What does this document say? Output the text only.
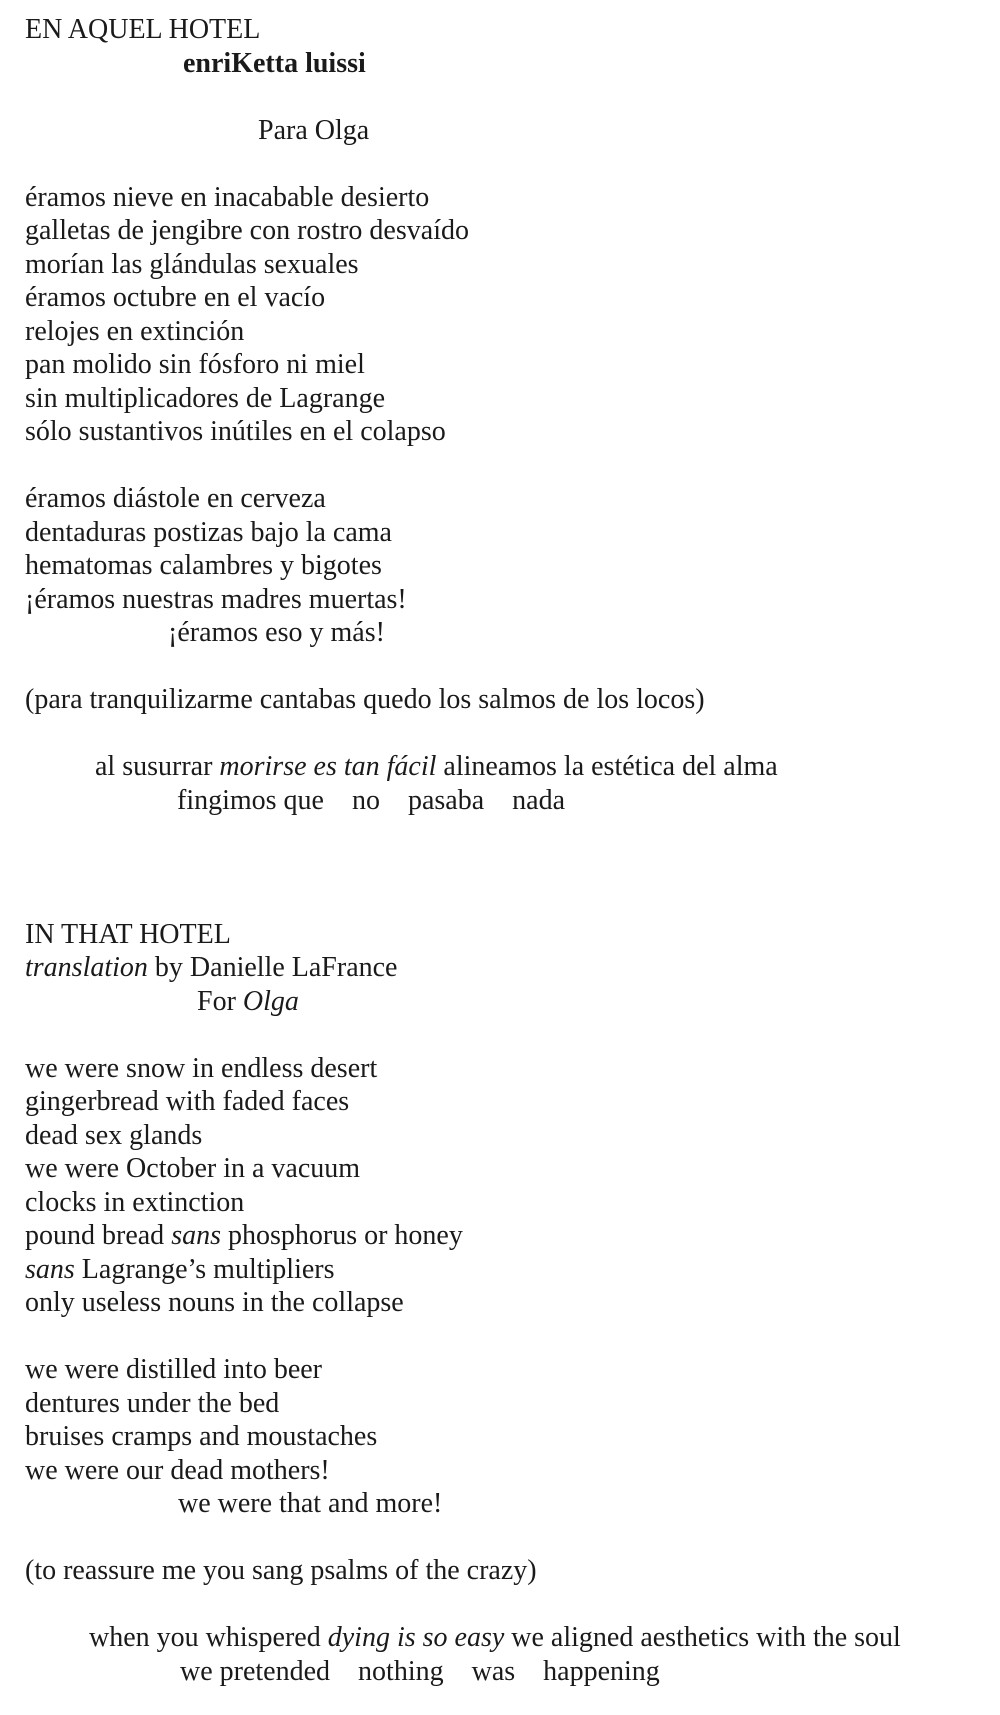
EN AQUEL HOTEL
enriKetta luissi
Para Olga
éramos nieve en inacabable desierto
galletas de jengibre con rostro desvaído
morían las glándulas sexuales
éramos octubre en el vacío
relojes en extinción
pan molido sin fósforo ni miel
sin multiplicadores de Lagrange
sólo sustantivos inútiles en el colapso
éramos diástole en cerveza
dentaduras postizas bajo la cama
hematomas calambres y bigotes
¡éramos nuestras madres muertas!
¡éramos eso y más!
(para tranquilizarme cantabas quedo los salmos de los locos)
al susurrar morirse es tan fácil alineamos la estética del alma
fingimos que    no    pasaba    nada
IN THAT HOTEL
translation by Danielle LaFrance
For Olga
we were snow in endless desert
gingerbread with faded faces
dead sex glands
we were October in a vacuum
clocks in extinction
pound bread sans phosphorus or honey
sans Lagrange’s multipliers
only useless nouns in the collapse
we were distilled into beer
dentures under the bed
bruises cramps and moustaches
we were our dead mothers!
we were that and more!
(to reassure me you sang psalms of the crazy)
when you whispered dying is so easy we aligned aesthetics with the soul
we pretended    nothing    was    happening
